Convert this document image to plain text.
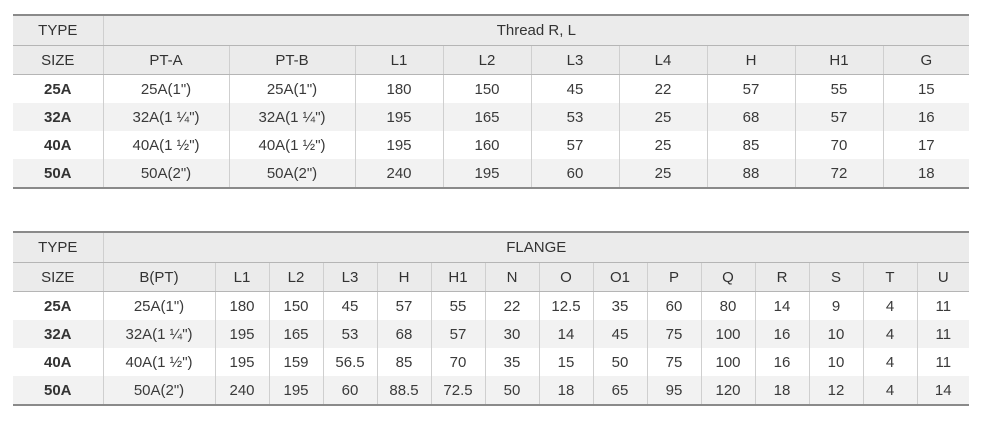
TYPE	Thread R, L								
SIZE	PT-A	PT-B	L1	L2	L3	L4	H	H1	G
25A	25A(1")	25A(1")	180	150	45	22	57	55	15
32A	32A(1 ¼")	32A(1 ¼")	195	165	53	25	68	57	16
40A	40A(1 ½")	40A(1 ½")	195	160	57	25	85	70	17
50A	50A(2")	50A(2")	240	195	60	25	88	72	18
TYPE	FLANGE														
SIZE	B(PT)	L1	L2	L3	H	H1	N	O	O1	P	Q	R	S	T	U
25A	25A(1")	180	150	45	57	55	22	12.5	35	60	80	14	9	4	11
32A	32A(1 ¼")	195	165	53	68	57	30	14	45	75	100	16	10	4	11
40A	40A(1 ½")	195	159	56.5	85	70	35	15	50	75	100	16	10	4	11
50A	50A(2")	240	195	60	88.5	72.5	50	18	65	95	120	18	12	4	14
